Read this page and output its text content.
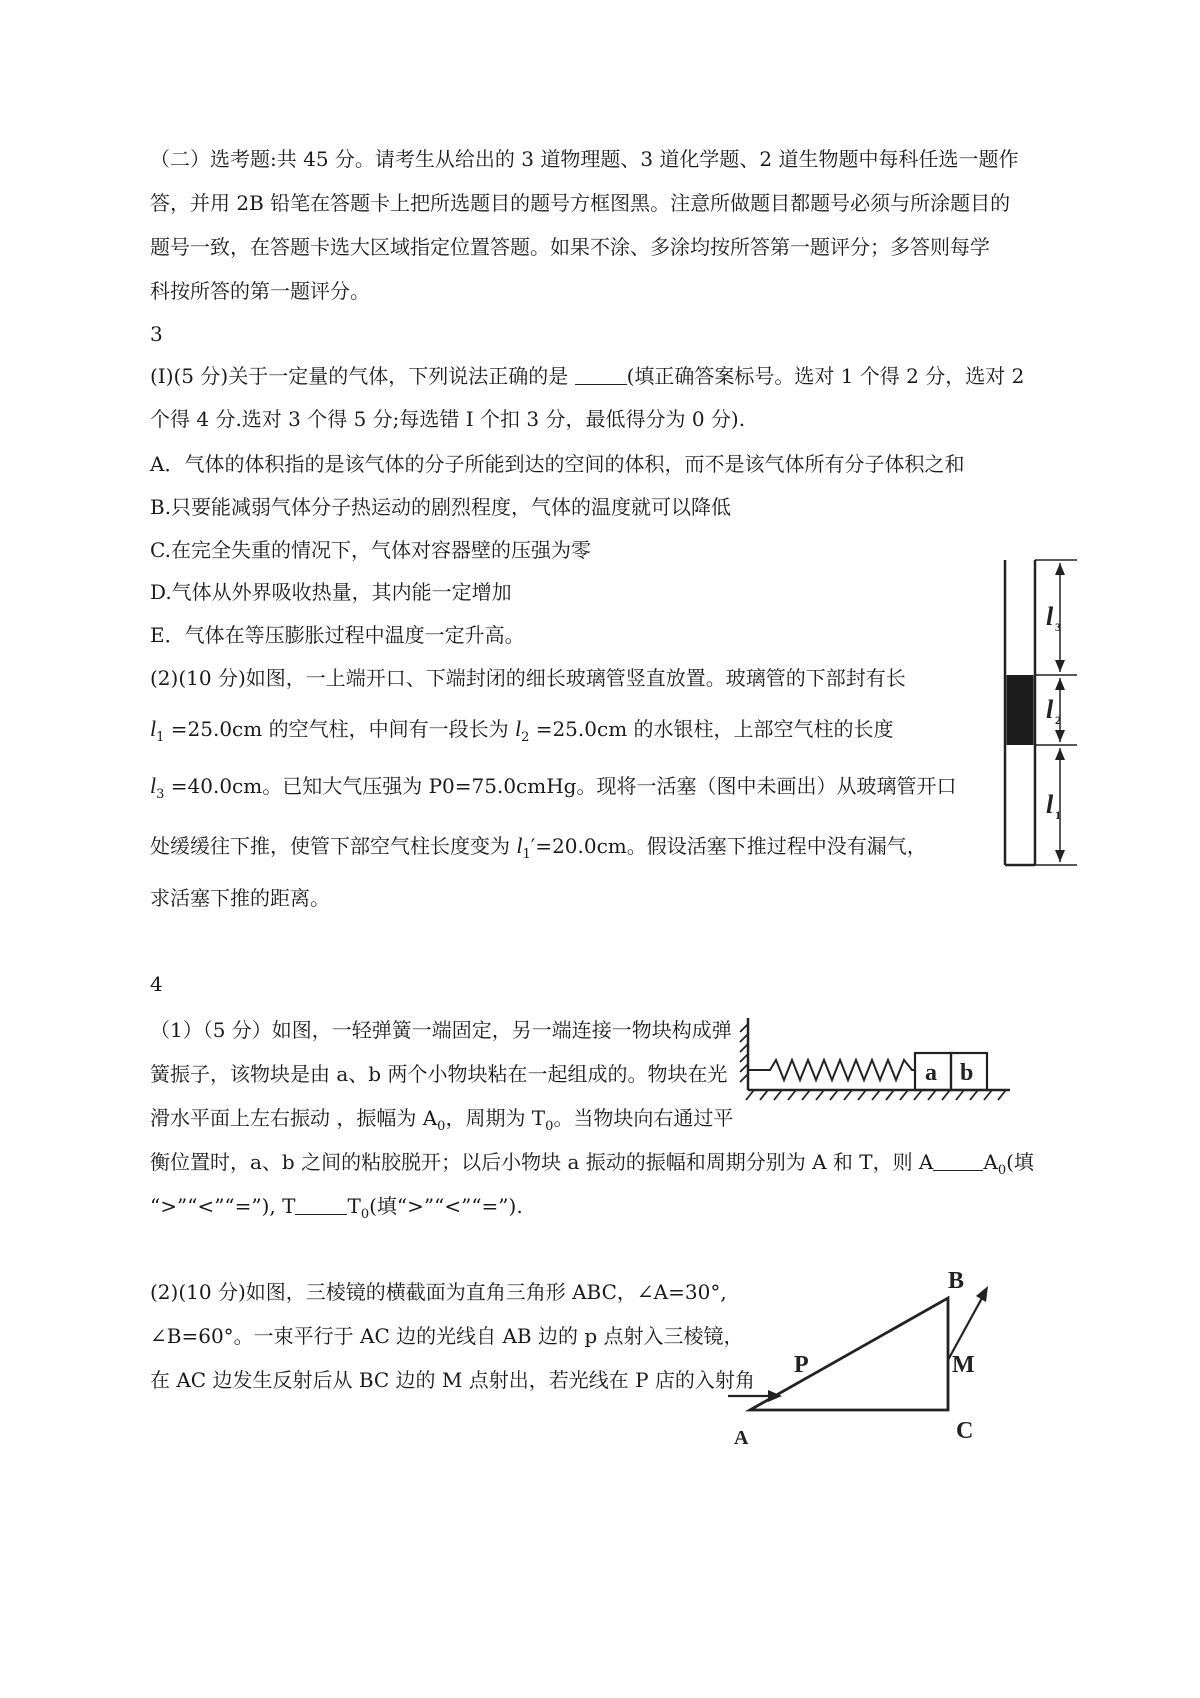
（二）选考题:共 45 分。请考生从给出的 3 道物理题、3 道化学题、2 道生物题中每科任选一题作
答，并用 2B 铅笔在答题卡上把所选题目的题号方框图黑。注意所做题目都题号必须与所涂题目的
题号一致，在答题卡选大区域指定位置答题。如果不涂、多涂均按所答第一题评分；多答则每学
科按所答的第一题评分。
3
(I)(5 分)关于一定量的气体，下列说法正确的是	(填正确答案标号。选对 1 个得 2 分，选对 2
个得 4 分.选对 3 个得 5 分;每选错 I 个扣 3 分，最低得分为 0 分).
A．气体的体积指的是该气体的分子所能到达的空间的体积，而不是该气体所有分子体积之和
B.只要能减弱气体分子热运动的剧烈程度，气体的温度就可以降低
C.在完全失重的情况下，气体对容器壁的压强为零
D.气体从外界吸收热量，其内能一定增加
E．气体在等压膨胀过程中温度一定升高。
(2)(10 分)如图，一上端开口、下端封闭的细长玻璃管竖直放置。玻璃管的下部封有长
$l_1 =25.0cm$ 的空气柱，中间有一段长为 $l_2 =25.0cm$ 的水银柱，上部空气柱的长度
$l_3 =40.0cm$。已知大气压强为 P0=75.0cmHg。现将一活塞（图中未画出）从玻璃管开口
处缓缓往下推，使管下部空气柱长度变为 $l_1'=20.0cm$。假设活塞下推过程中没有漏气，
求活塞下推的距离。
4
（1）（5 分）如图，一轻弹簧一端固定，另一端连接一物块构成弹
簧振子，该物块是由 a、b 两个小物块粘在一起组成的。物块在光
滑水平面上左右振动 ，振幅为 $A_0$，周期为 $T_0$。当物块向右通过平
衡位置时，a、b 之间的粘胶脱开；以后小物块 a 振动的振幅和周期分别为 A 和 T，则 A	$A_0$(填
“>”“<”“=”), T	$T_0$(填“>”“<”“=”).
(2)(10 分)如图，三棱镜的横截面为直角三角形 ABC，∠A=30°,
∠B=60°。一束平行于 AC 边的光线自 AB 边的 p 点射入三棱镜，
在 AC 边发生反射后从 BC 边的 M 点射出，若光线在 P 店的入射角
l 3
l 2
l 1
a b
A
B
C
P	M
